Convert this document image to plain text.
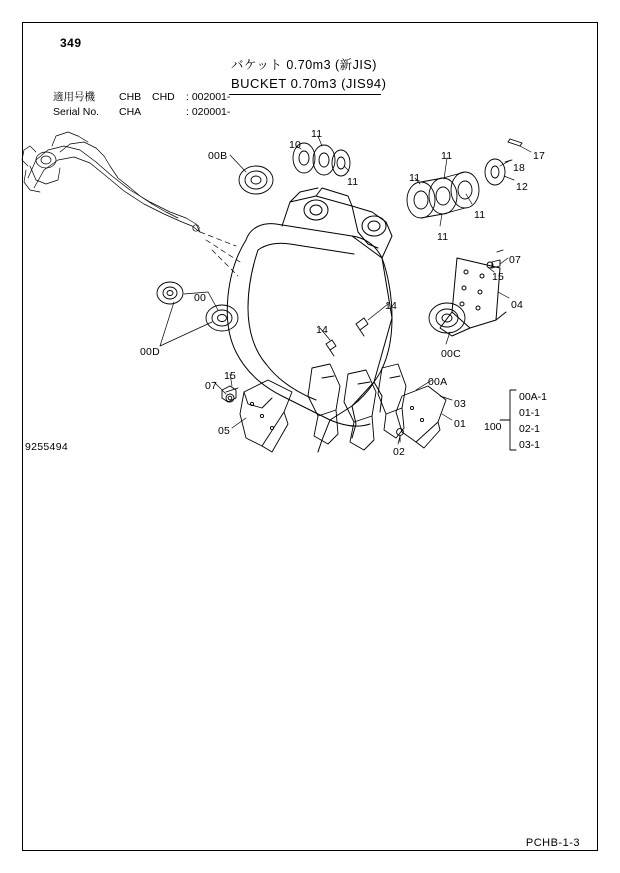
349
バケット 0.70m3 (新JIS)
BUCKET 0.70m3 (JIS94)
適用号機 CHB CHD : 002001-
Serial No. CHA	: 020001-
00B
10
11
11	11
11
11
11
18
17
12
07
15
04
00
00D
14
14
00C
00A
07
15
05
03
01
02
100
00A-1
01-1
02-1
03-1
9255494
PCHB-1-3
